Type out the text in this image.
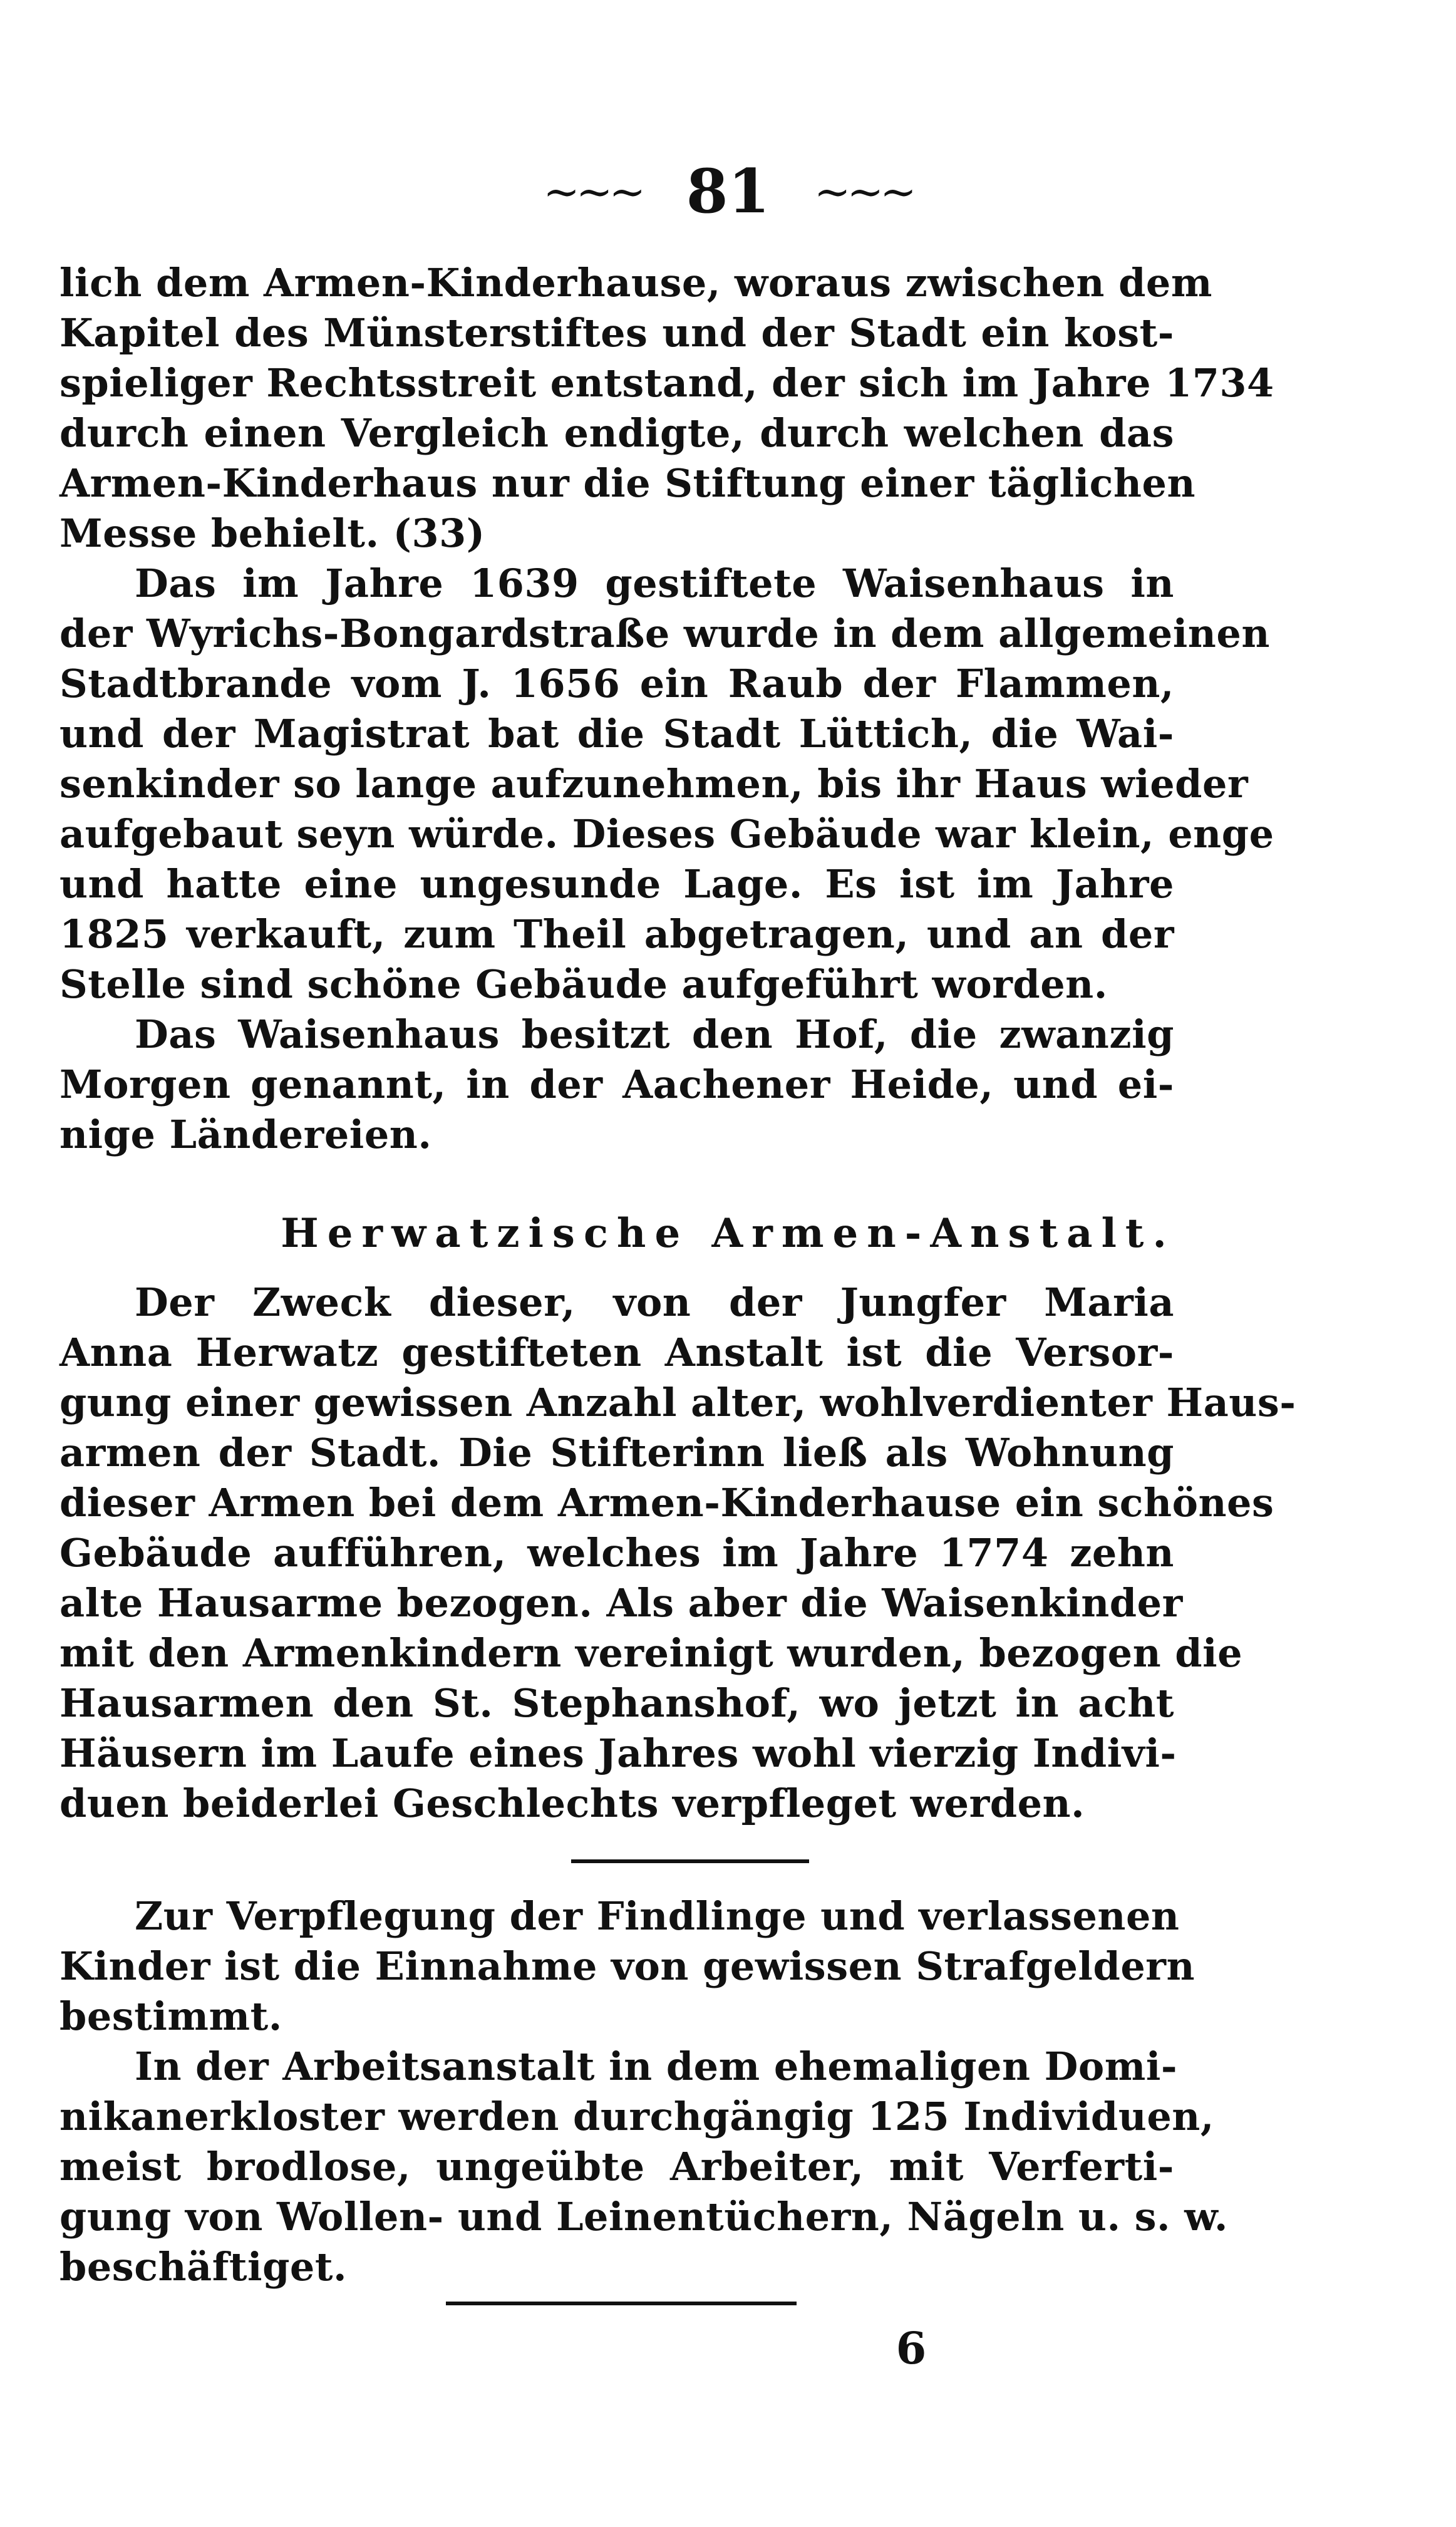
~~~ 81 ~~~
lich dem Armen-Kinderhause, woraus zwischen dem
Kapitel des Münsterstiftes und der Stadt ein kost-
spieliger Rechtsstreit entstand, der sich im Jahre 1734
durch einen Vergleich endigte, durch welchen das
Armen-Kinderhaus nur die Stiftung einer täglichen
Messe behielt. (33)
Das im Jahre 1639 gestiftete Waisenhaus in
der Wyrichs-Bongardstraße wurde in dem allgemeinen
Stadtbrande vom J. 1656 ein Raub der Flammen,
und der Magistrat bat die Stadt Lüttich, die Wai-
senkinder so lange aufzunehmen, bis ihr Haus wieder
aufgebaut seyn würde. Dieses Gebäude war klein, enge
und hatte eine ungesunde Lage. Es ist im Jahre
1825 verkauft, zum Theil abgetragen, und an der
Stelle sind schöne Gebäude aufgeführt worden.
Das Waisenhaus besitzt den Hof, die zwanzig
Morgen genannt, in der Aachener Heide, und ei-
nige Ländereien.
Herwatzische Armen-Anstalt.
Der Zweck dieser, von der Jungfer Maria
Anna Herwatz gestifteten Anstalt ist die Versor-
gung einer gewissen Anzahl alter, wohlverdienter Haus-
armen der Stadt. Die Stifterinn ließ als Wohnung
dieser Armen bei dem Armen-Kinderhause ein schönes
Gebäude aufführen, welches im Jahre 1774 zehn
alte Hausarme bezogen. Als aber die Waisenkinder
mit den Armenkindern vereinigt wurden, bezogen die
Hausarmen den St. Stephanshof, wo jetzt in acht
Häusern im Laufe eines Jahres wohl vierzig Indivi-
duen beiderlei Geschlechts verpfleget werden.
Zur Verpflegung der Findlinge und verlassenen
Kinder ist die Einnahme von gewissen Strafgeldern
bestimmt.
In der Arbeitsanstalt in dem ehemaligen Domi-
nikanerkloster werden durchgängig 125 Individuen,
meist brodlose, ungeübte Arbeiter, mit Verferti-
gung von Wollen- und Leinentüchern, Nägeln u. s. w.
beschäftiget.
6
